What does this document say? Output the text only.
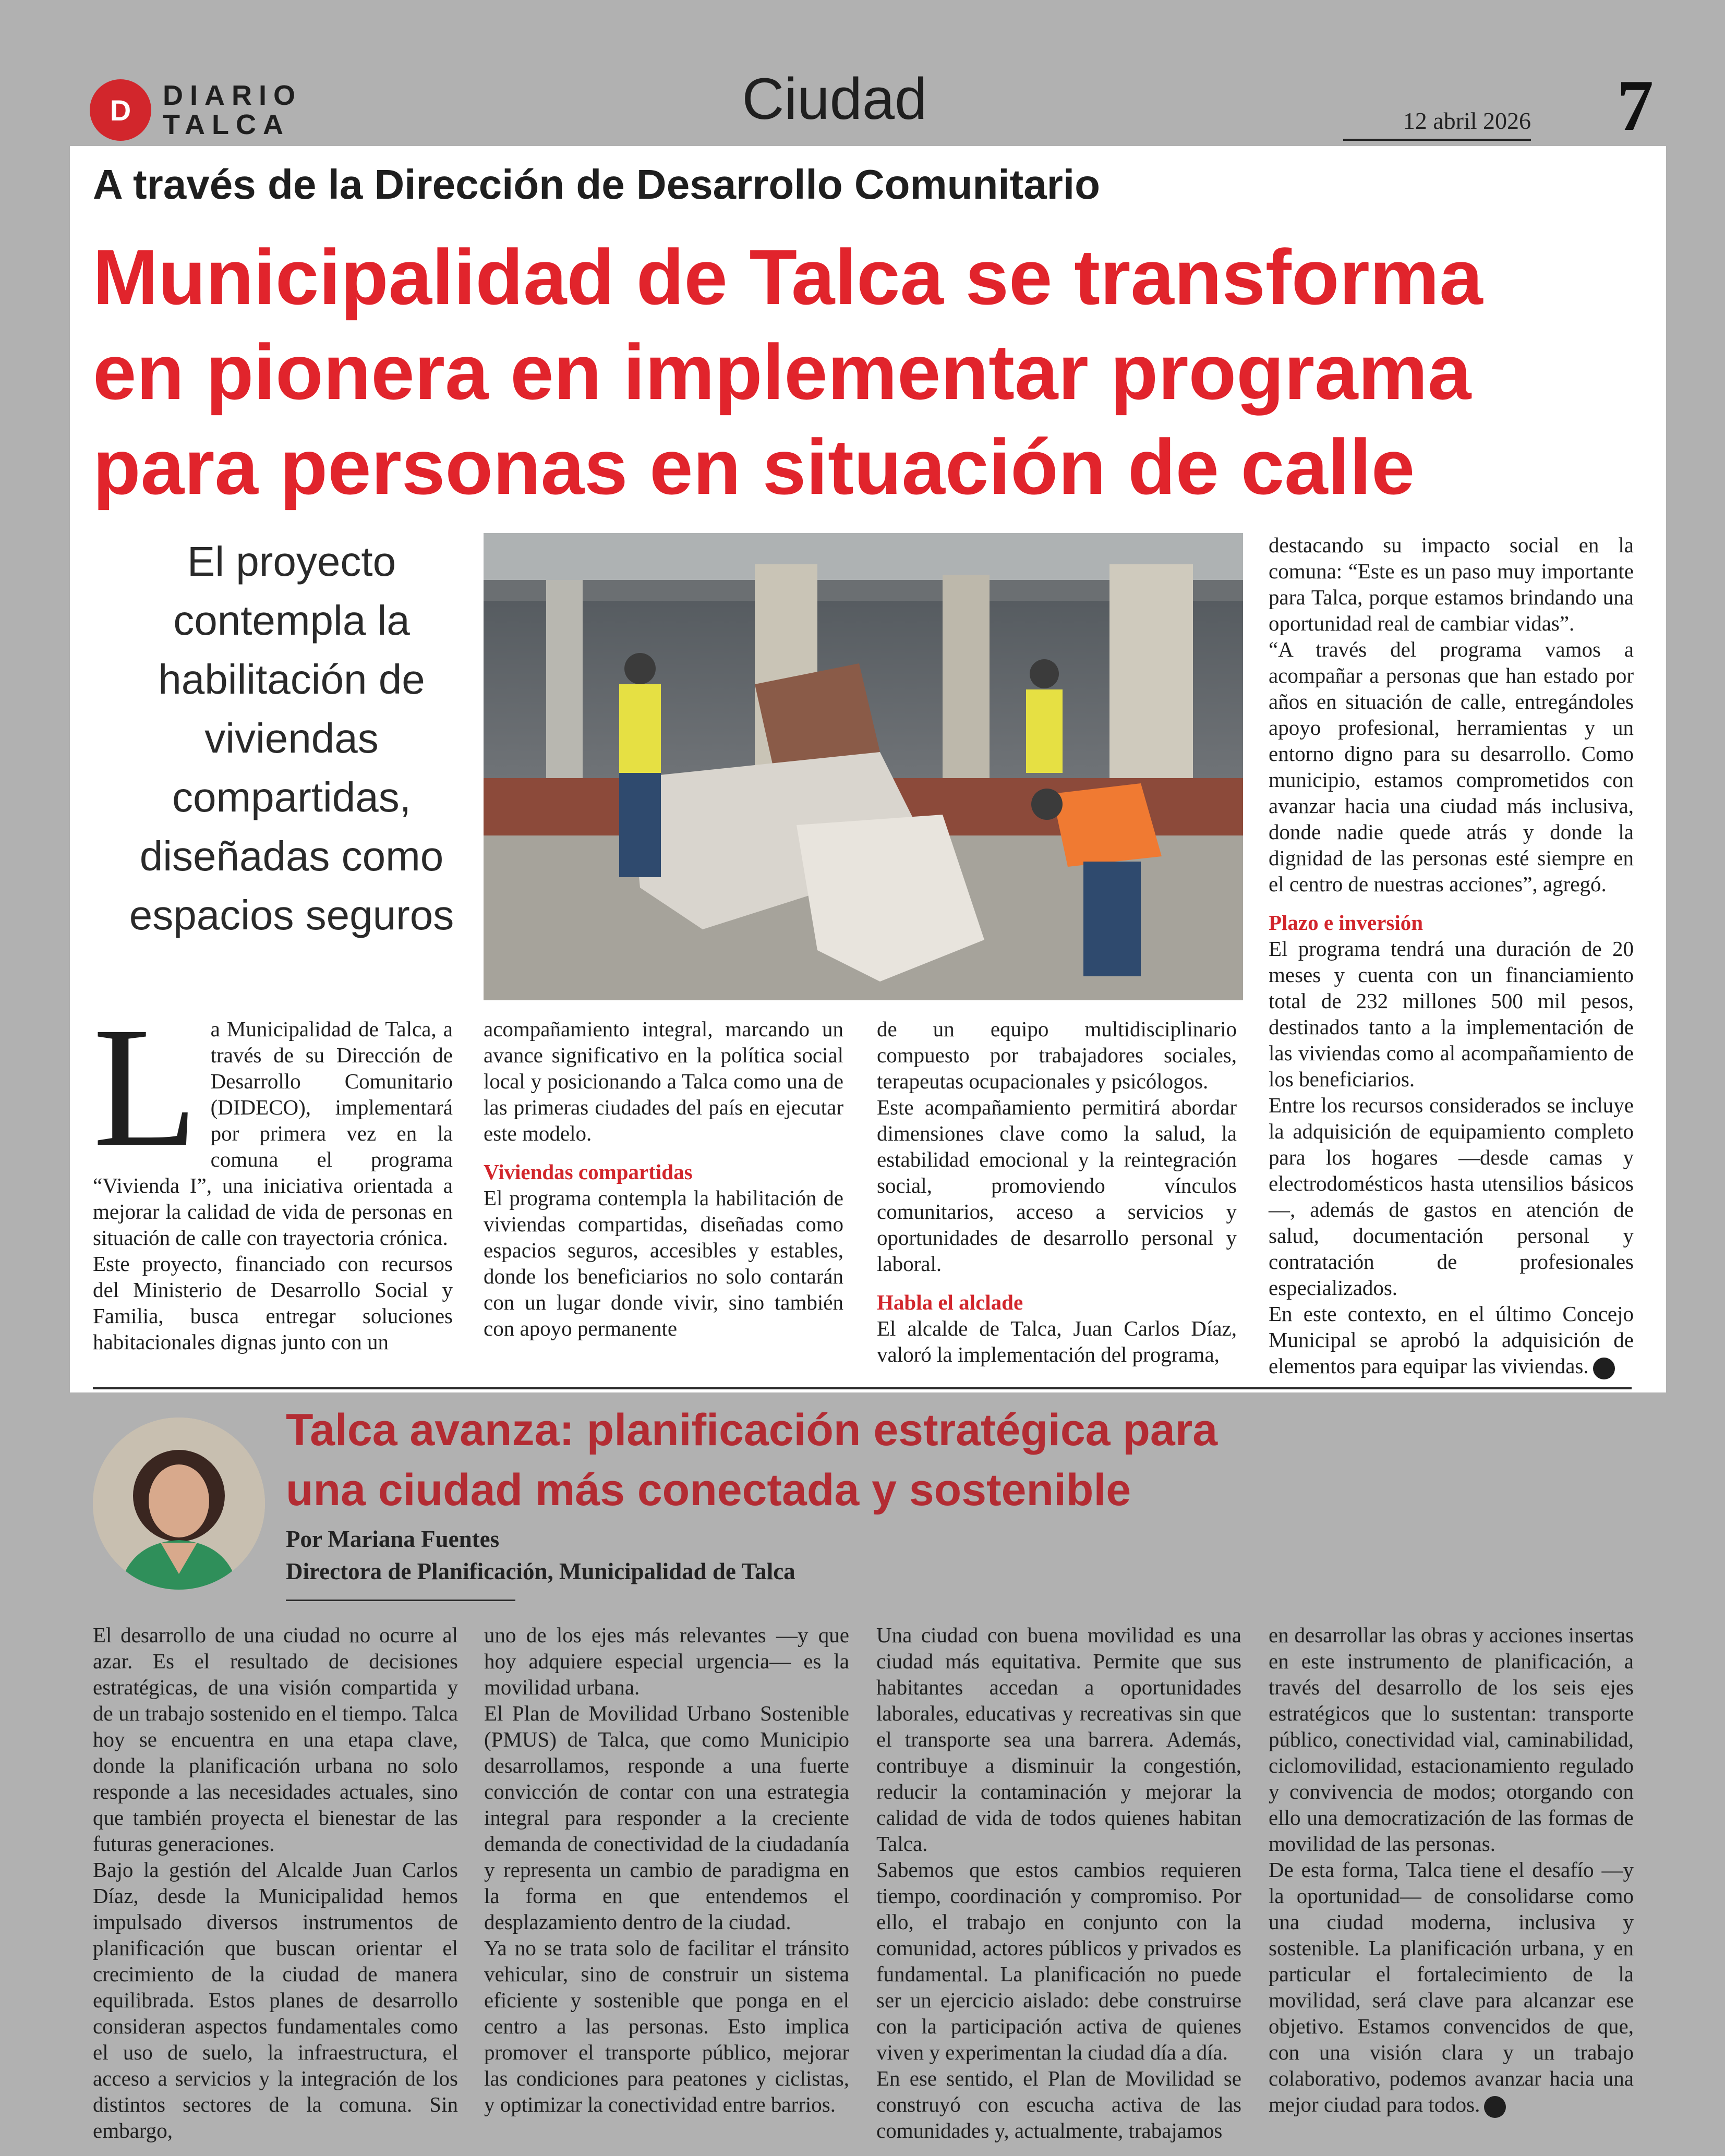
D	DIARIO
TALCA	Ciudad	12 abril 2026 7
A través de la Dirección de Desarrollo Comunitario
Municipalidad de Talca se transforma
en pionera en implementar programa
para personas en situación de calle
El proyecto contempla la habilitación de viviendas compartidas, diseñadas como espacios seguros

La Municipalidad de Talca, a través de su Dirección de Desarrollo Comunitario (DIDECO), implementará por primera vez en la comuna el programa “Vivienda I”, una iniciativa orientada a mejorar la calidad de vida de personas en situación de calle con trayectoria crónica.

Este proyecto, financiado con recursos del Ministerio de Desarrollo Social y Familia, busca entregar soluciones habitacionales dignas junto con un

acompañamiento integral, marcando un avance significativo en la política social local y posicionando a Talca como una de las primeras ciudades del país en ejecutar este modelo.

Viviendas compartidas

El programa contempla la habilitación de viviendas compartidas, diseñadas como espacios seguros, accesibles y estables, donde los beneficiarios no solo contarán con un lugar donde vivir, sino también con apoyo permanente

de un equipo multidisciplinario compuesto por trabajadores sociales, terapeutas ocupacionales y psicólogos.

Este acompañamiento permitirá abordar dimensiones clave como la salud, la estabilidad emocional y la reintegración social, promoviendo vínculos comunitarios, acceso a servicios y oportunidades de desarrollo personal y laboral.

Habla el alclade

El alcalde de Talca, Juan Carlos Díaz, valoró la implementación del programa,

destacando su impacto social en la comuna: “Este es un paso muy importante para Talca, porque estamos brindando una oportunidad real de cambiar vidas”.

“A través del programa vamos a acompañar a personas que han estado por años en situación de calle, entregándoles apoyo profesional, herramientas y un entorno digno para su desarrollo. Como municipio, estamos comprometidos con avanzar hacia una ciudad más inclusiva, donde nadie quede atrás y donde la dignidad de las personas esté siempre en el centro de nuestras acciones”, agregó.

Plazo e inversión

El programa tendrá una duración de 20 meses y cuenta con un financiamiento total de 232 millones 500 mil pesos, destinados tanto a la implementación de las viviendas como al acompañamiento de los beneficiarios.

Entre los recursos considerados se incluye la adquisición de equipamiento completo para los hogares —desde camas y electrodomésticos hasta utensilios básicos—, además de gastos en atención de salud, documentación personal y contratación de profesionales especializados.

En este contexto, en el último Concejo Municipal se aprobó la adquisición de elementos para equipar las viviendas.

Talca avanza: planificación estratégica para
una ciudad más conectada y sostenible
Por Mariana Fuentes
Directora de Planificación, Municipalidad de Talca

El desarrollo de una ciudad no ocurre al azar. Es el resultado de decisiones estratégicas, de una visión compartida y de un trabajo sostenido en el tiempo. Talca hoy se encuentra en una etapa clave, donde la planificación urbana no solo responde a las necesidades actuales, sino que también proyecta el bienestar de las futuras generaciones.

Bajo la gestión del Alcalde Juan Carlos Díaz, desde la Municipalidad hemos impulsado diversos instrumentos de planificación que buscan orientar el crecimiento de la ciudad de manera equilibrada. Estos planes de desarrollo consideran aspectos fundamentales como el uso de suelo, la infraestructura, el acceso a servicios y la integración de los distintos sectores de la comuna. Sin embargo,

uno de los ejes más relevantes —y que hoy adquiere especial urgencia— es la movilidad urbana.

El Plan de Movilidad Urbano Sostenible (PMUS) de Talca, que como Municipio desarrollamos, responde a una fuerte convicción de contar con una estrategia integral para responder a la creciente demanda de conectividad de la ciudadanía y representa un cambio de paradigma en la forma en que entendemos el desplazamiento dentro de la ciudad.

Ya no se trata solo de facilitar el tránsito vehicular, sino de construir un sistema eficiente y sostenible que ponga en el centro a las personas. Esto implica promover el transporte público, mejorar las condiciones para peatones y ciclistas, y optimizar la conectividad entre barrios.

Una ciudad con buena movilidad es una ciudad más equitativa. Permite que sus habitantes accedan a oportunidades laborales, educativas y recreativas sin que el transporte sea una barrera. Además, contribuye a disminuir la congestión, reducir la contaminación y mejorar la calidad de vida de todos quienes habitan Talca.

Sabemos que estos cambios requieren tiempo, coordinación y compromiso. Por ello, el trabajo en conjunto con la comunidad, actores públicos y privados es fundamental. La planificación no puede ser un ejercicio aislado: debe construirse con la participación activa de quienes viven y experimentan la ciudad día a día.

En ese sentido, el Plan de Movilidad se construyó con escucha activa de las comunidades y, actualmente, trabajamos

en desarrollar las obras y acciones insertas en este instrumento de planificación, a través del desarrollo de los seis ejes estratégicos que lo sustentan: transporte público, conectividad vial, caminabilidad, ciclomovilidad, estacionamiento regulado y convivencia de modos; otorgando con ello una democratización de las formas de movilidad de las personas.

De esta forma, Talca tiene el desafío —y la oportunidad— de consolidarse como una ciudad moderna, inclusiva y sostenible. La planificación urbana, y en particular el fortalecimiento de la movilidad, será clave para alcanzar ese objetivo. Estamos convencidos de que, con una visión clara y un trabajo colaborativo, podemos avanzar hacia una mejor ciudad para todos.
